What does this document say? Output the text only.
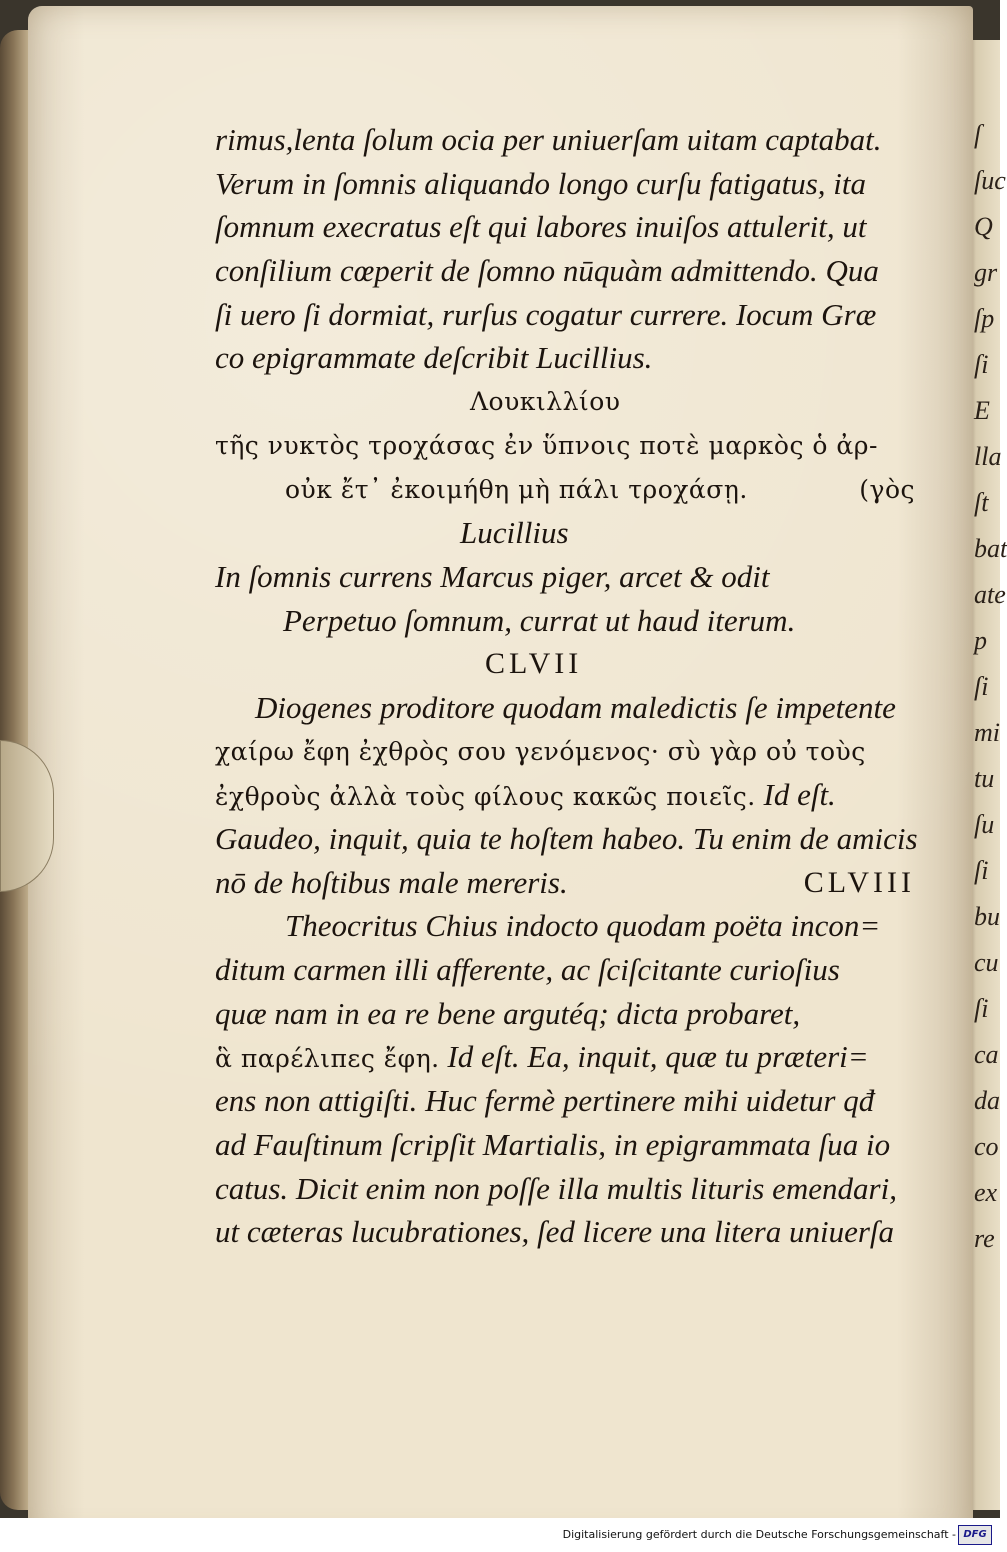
ſ
ſuc
Q
gr
ſp
ſi
E
lla
ſt
bat
ate
p
ſi
mi
tu
ſu
ſi
bu
cu
ſi
ca
da
co
ex
re
rimus,lenta ſolum ocia per uniuerſam uitam captabat.
Verum in ſomnis aliquando longo curſu fatigatus, ita
ſomnum execratus eſt qui labores inuiſos attulerit, ut
conſilium cœperit de ſomno nūquàm admittendo. Qua
ſi uero ſi dormiat, rurſus cogatur currere. Iocum Græ
co epigrammate deſcribit Lucillius.
Λουκιλλίου
τῆς νυκτὸς τροχάσας ἐν ὕπνοις ποτὲ μαρκὸς ὁ ἀρ-
οὐκ ἔτ᾽ ἐκοιμήθη μὴ πάλι τροχάσῃ.	(γὸς
Lucillius
In ſomnis currens Marcus piger, arcet & odit
Perpetuo ſomnum, currat ut haud iterum.
CLVII
Diogenes proditore quodam maledictis ſe impetente
χαίρω ἔφη ἐχθρὸς σου γενόμενος· σὺ γὰρ οὐ τοὺς
ἐχθροὺς ἀλλὰ τοὺς φίλους κακῶς ποιεῖς. Id eſt.
Gaudeo, inquit, quia te hoſtem habeo. Tu enim de amicis
nō de hoſtibus male mereris.	CLVIII
Theocritus Chius indocto quodam poëta incon=
ditum carmen illi afferente, ac ſciſcitante curioſius
quæ nam in ea re bene argutéq; dicta probaret,
ἃ παρέλιπες ἔφη. Id eſt. Ea, inquit, quæ tu præteri=
ens non attigiſti. Huc fermè pertinere mihi uidetur qđ
ad Fauſtinum ſcripſit Martialis, in epigrammata ſua io
catus. Dicit enim non poſſe illa multis lituris emendari,
ut cæteras lucubrationes, ſed licere una litera uniuerſa
Digitalisierung gefördert durch die Deutsche Forschungsgemeinschaft - DFG
